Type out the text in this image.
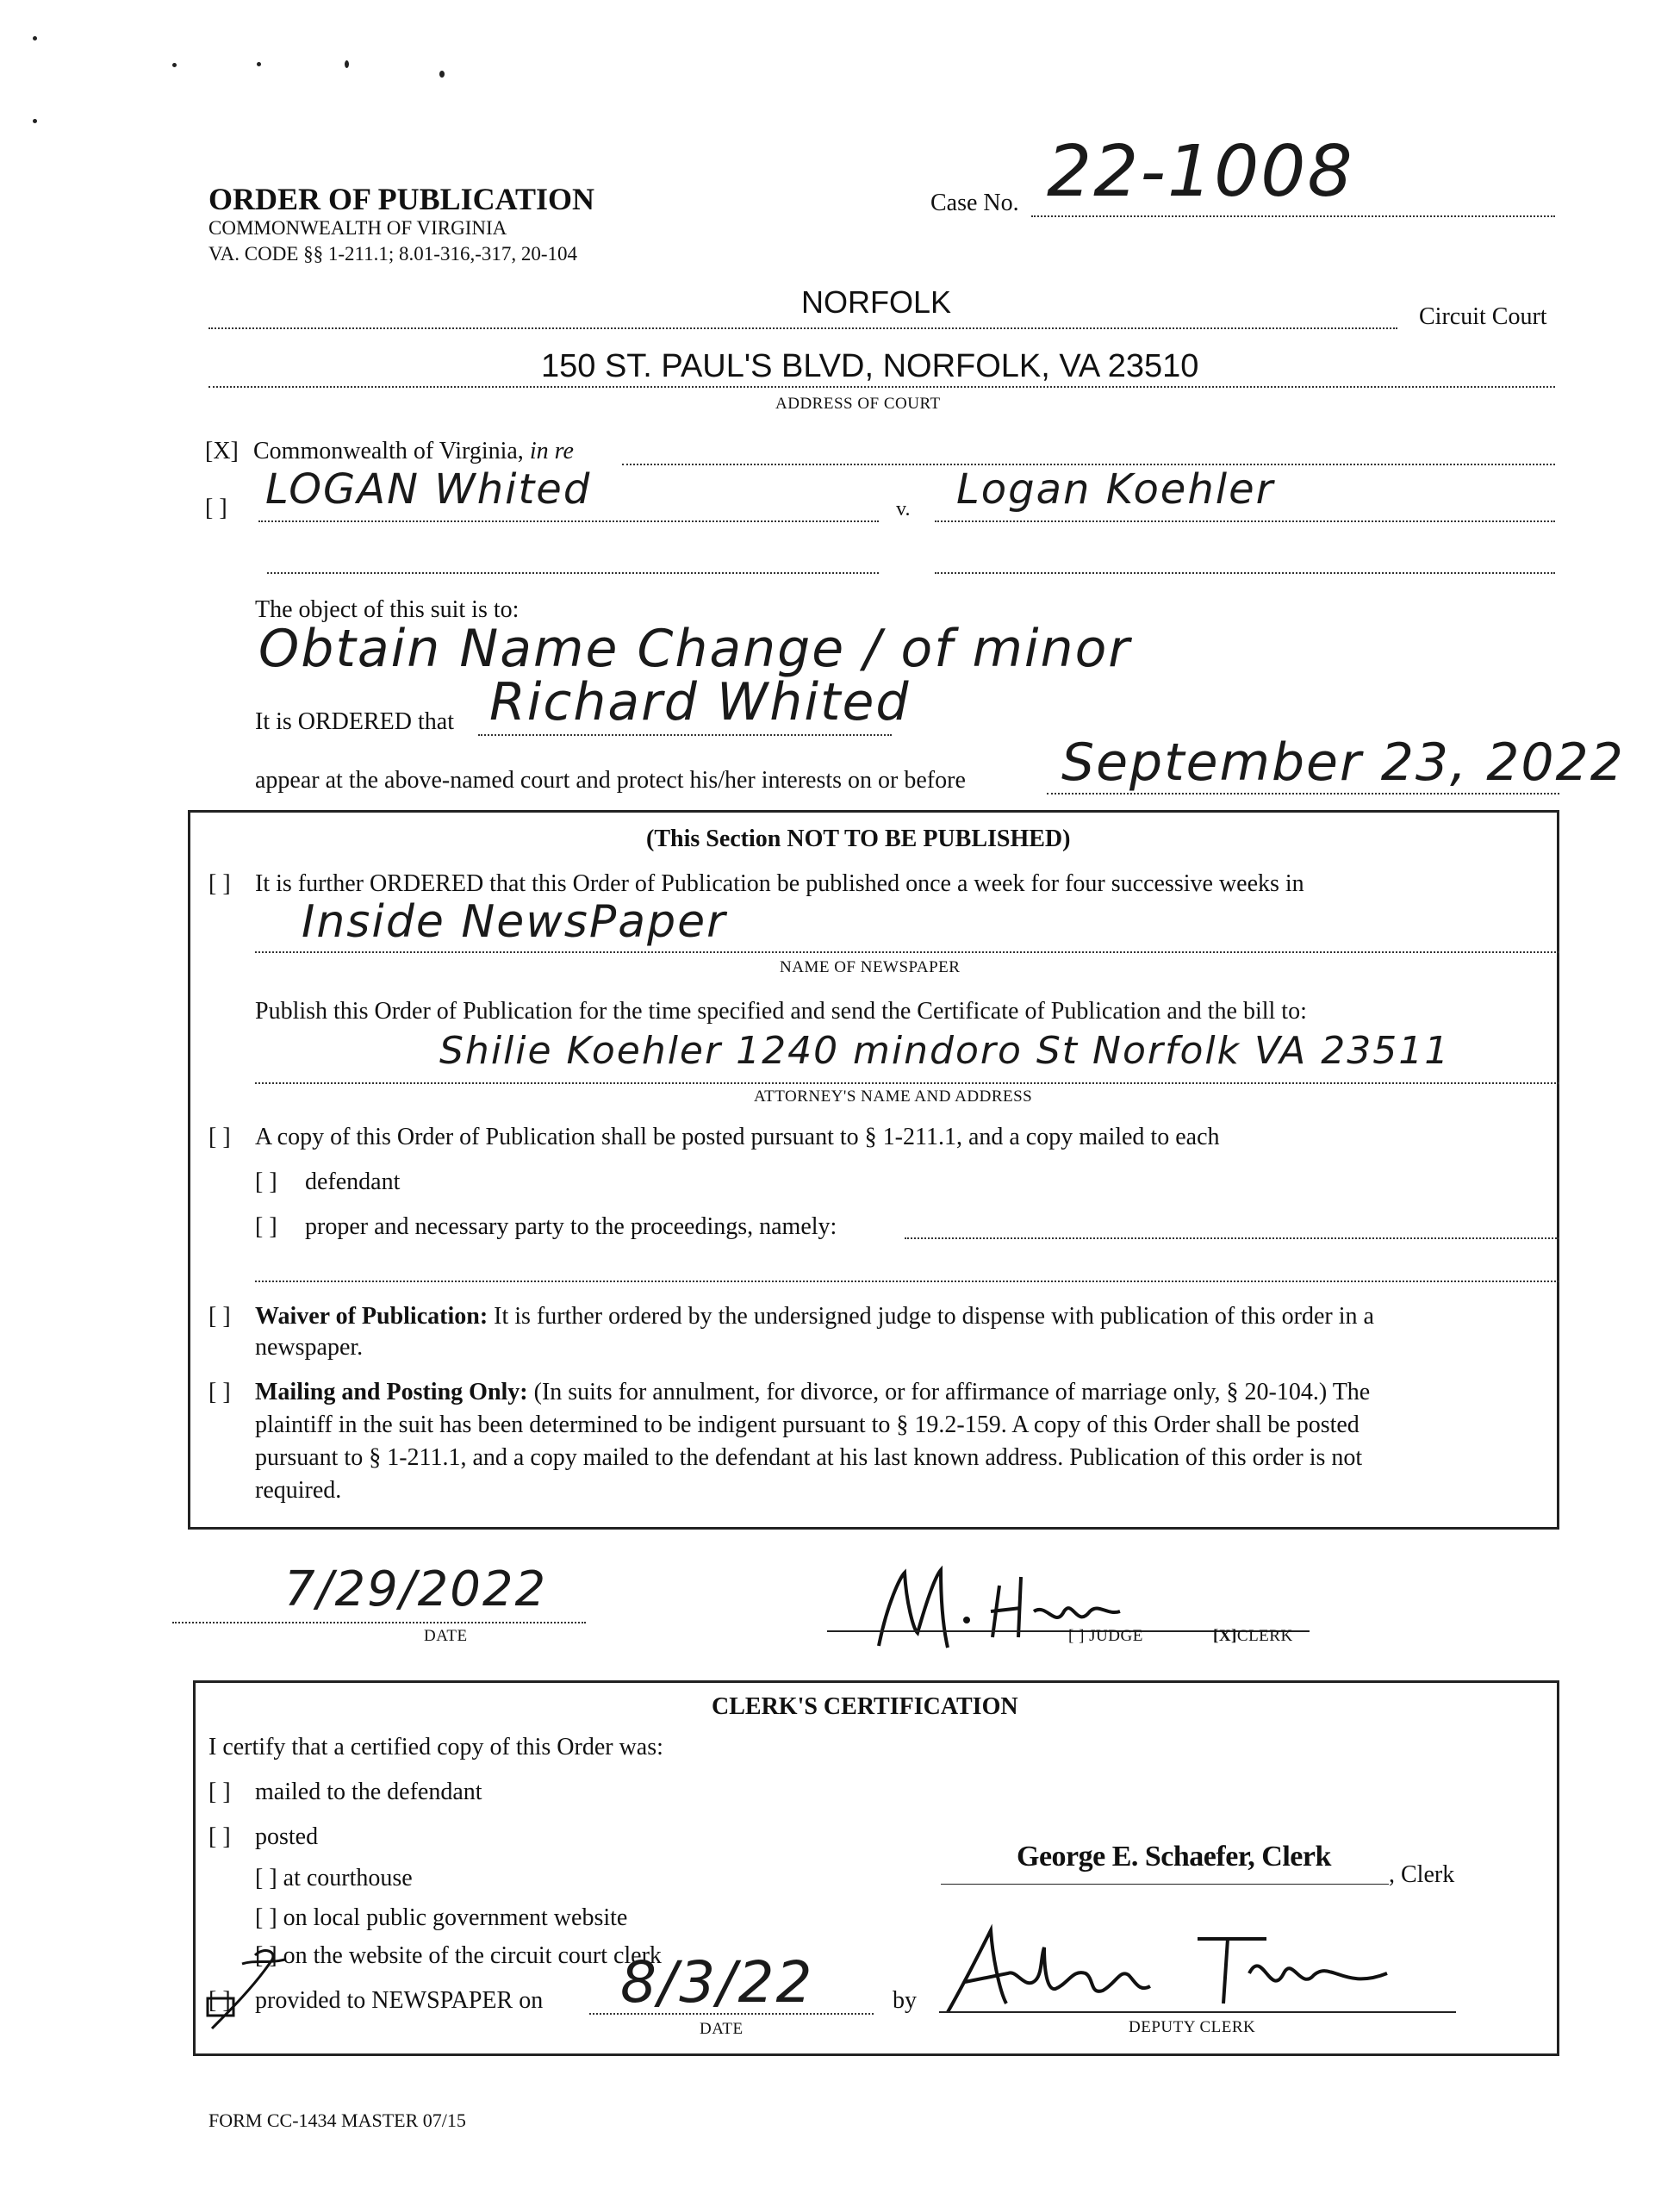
ORDER OF PUBLICATION
COMMONWEALTH OF VIRGINIA
VA. CODE §§ 1-211.1; 8.01-316,-317, 20-104
Case No. 22-1008
NORFOLK	Circuit Court
150 ST. PAUL'S BLVD, NORFOLK, VA 23510
ADDRESS OF COURT
[X] Commonwealth of Virginia, in re
[ ] LOGAN Whited	v. Logan Koehler
The object of this suit is to:
Obtain Name Change / of minor
It is ORDERED that Richard Whited
appear at the above-named court and protect his/her interests on or before September 23, 2022
(This Section NOT TO BE PUBLISHED)
[ ] It is further ORDERED that this Order of Publication be published once a week for four successive weeks in
Inside NewsPaper
NAME OF NEWSPAPER
Publish this Order of Publication for the time specified and send the Certificate of Publication and the bill to:
Shilie Koehler 1240 mindoro St Norfolk VA 23511
ATTORNEY'S NAME AND ADDRESS
[ ] A copy of this Order of Publication shall be posted pursuant to § 1-211.1, and a copy mailed to each
[ ] defendant
[ ] proper and necessary party to the proceedings, namely:
[ ] Waiver of Publication: It is further ordered by the undersigned judge to dispense with publication of this order in a
newspaper.
[ ] Mailing and Posting Only: (In suits for annulment, for divorce, or for affirmance of marriage only, § 20-104.) The
plaintiff in the suit has been determined to be indigent pursuant to § 19.2-159. A copy of this Order shall be posted
pursuant to § 1-211.1, and a copy mailed to the defendant at his last known address. Publication of this order is not
required.
7/29/2022
DATE	[ ] JUDGE	[X]CLERK
CLERK'S CERTIFICATION
I certify that a certified copy of this Order was:
[ ] mailed to the defendant
[ ] posted
[ ] at courthouse
[ ] on local public government website
[ ] on the website of the circuit court clerk
[ ] provided to NEWSPAPER on 8/3/22
DATE
by
DEPUTY CLERK
George E. Schaefer, Clerk
, Clerk
FORM CC-1434 MASTER 07/15
